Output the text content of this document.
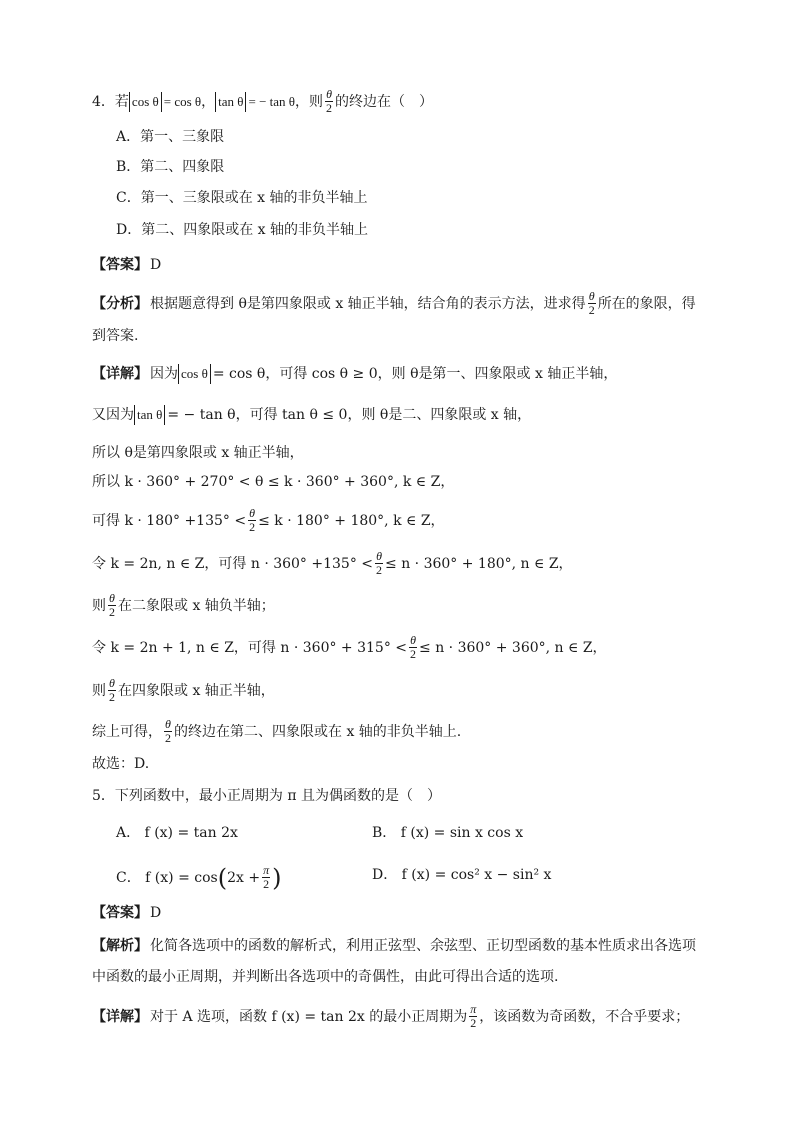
4．若 cos θ = cos θ ， tan θ = − tan θ ，则 $\frac{\theta}{2}$ 的终边在（　）
A．第一、三象限
B．第二、四象限
C．第一、三象限或在 x 轴的非负半轴上
D．第二、四象限或在 x 轴的非负半轴上
【答案】 D
【分析】 根据题意得到 θ是第四象限或 x 轴正半轴，结合角的表示方法，进求得 $\frac{\theta}{2}$ 所在的象限，得
到答案.
【详解】 因为 cos θ = cos θ，可得 cos θ ≥ 0，则 θ是第一、四象限或 x 轴正半轴，
又因为 tan θ = − tan θ，可得 tan θ ≤ 0，则 θ是二、四象限或 x 轴，
所以 θ是第四象限或 x 轴正半轴，
所以 k · 360° + 270° < θ ≤ k · 360° + 360°, k ∈ Z，
可得 $k \cdot 180^\circ +135^\circ < \frac{\theta}{2} \le k \cdot 180^\circ + 180^\circ$, k ∈ Z，
令 k = 2n, n ∈ Z，可得 $n \cdot 360^\circ +135^\circ < \frac{\theta}{2} \le n \cdot 360^\circ + 180^\circ$, n ∈ Z，
则 $\frac{\theta}{2}$ 在二象限或 x 轴负半轴；
令 k = 2n + 1, n ∈ Z，可得 $n \cdot 360^\circ + 315^\circ < \frac{\theta}{2} \le n \cdot 360^\circ + 360^\circ$, n ∈ Z，
则 $\frac{\theta}{2}$ 在四象限或 x 轴正半轴，
综上可得， $\frac{\theta}{2}$ 的终边在第二、四象限或在 x 轴的非负半轴上.
故选：D.
5．下列函数中，最小正周期为 π 且为偶函数的是（　）
A． f (x) = tan 2x	B． f (x) = sin x cos x
C． f (x) = cos ( $2x + \frac{\pi}{2}$ )	D． f (x) = cos² x − sin² x
【答案】 D
【解析】 化简各选项中的函数的解析式，利用正弦型、余弦型、正切型函数的基本性质求出各选项
中函数的最小正周期，并判断出各选项中的奇偶性，由此可得出合适的选项.
【详解】 对于 A 选项，函数 f (x) = tan 2x 的最小正周期为 $\frac{\pi}{2}$ ，该函数为奇函数，不合乎要求；
